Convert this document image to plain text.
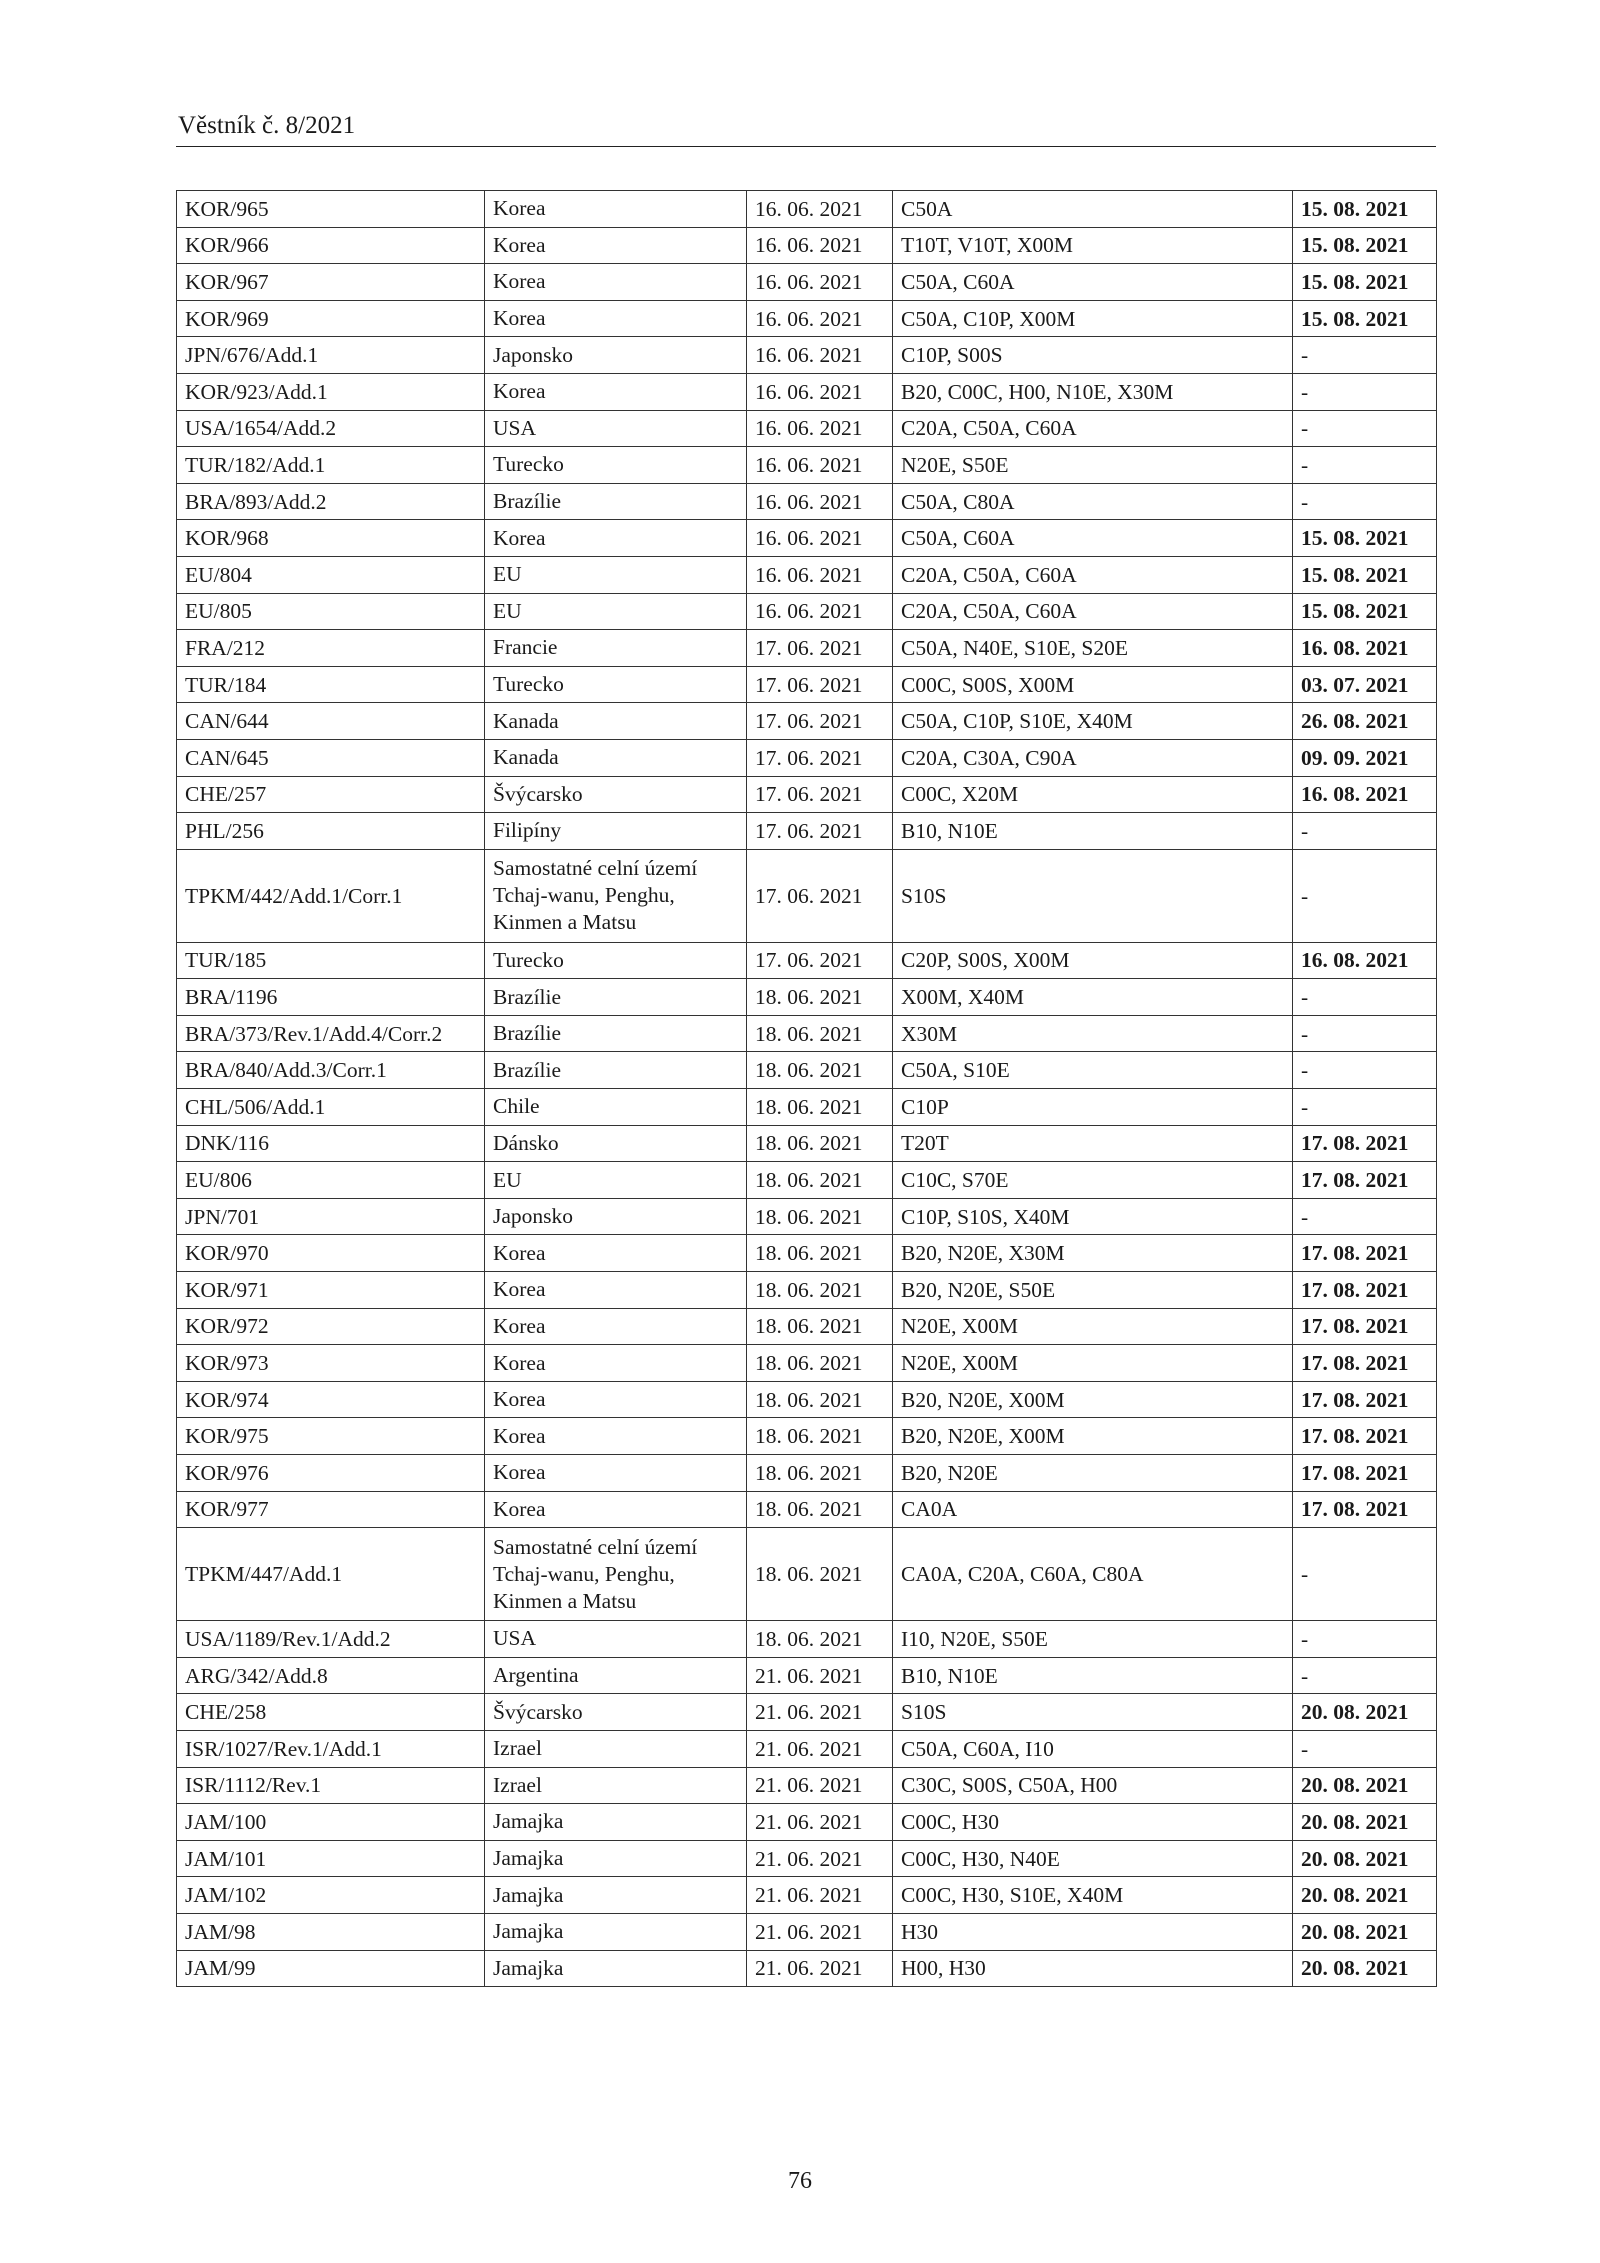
Věstník č. 8/2021
KOR/965	Korea	16. 06. 2021	C50A	15. 08. 2021
KOR/966	Korea	16. 06. 2021	T10T, V10T, X00M	15. 08. 2021
KOR/967	Korea	16. 06. 2021	C50A, C60A	15. 08. 2021
KOR/969	Korea	16. 06. 2021	C50A, C10P, X00M	15. 08. 2021
JPN/676/Add.1	Japonsko	16. 06. 2021	C10P, S00S	-
KOR/923/Add.1	Korea	16. 06. 2021	B20, C00C, H00, N10E, X30M	-
USA/1654/Add.2	USA	16. 06. 2021	C20A, C50A, C60A	-
TUR/182/Add.1	Turecko	16. 06. 2021	N20E, S50E	-
BRA/893/Add.2	Brazílie	16. 06. 2021	C50A, C80A	-
KOR/968	Korea	16. 06. 2021	C50A, C60A	15. 08. 2021
EU/804	EU	16. 06. 2021	C20A, C50A, C60A	15. 08. 2021
EU/805	EU	16. 06. 2021	C20A, C50A, C60A	15. 08. 2021
FRA/212	Francie	17. 06. 2021	C50A, N40E, S10E, S20E	16. 08. 2021
TUR/184	Turecko	17. 06. 2021	C00C, S00S, X00M	03. 07. 2021
CAN/644	Kanada	17. 06. 2021	C50A, C10P, S10E, X40M	26. 08. 2021
CAN/645	Kanada	17. 06. 2021	C20A, C30A, C90A	09. 09. 2021
CHE/257	Švýcarsko	17. 06. 2021	C00C, X20M	16. 08. 2021
PHL/256	Filipíny	17. 06. 2021	B10, N10E	-
TPKM/442/Add.1/Corr.1	Samostatné celní území
Tchaj-wanu, Penghu,
Kinmen a Matsu	17. 06. 2021	S10S	-
TUR/185	Turecko	17. 06. 2021	C20P, S00S, X00M	16. 08. 2021
BRA/1196	Brazílie	18. 06. 2021	X00M, X40M	-
BRA/373/Rev.1/Add.4/Corr.2	Brazílie	18. 06. 2021	X30M	-
BRA/840/Add.3/Corr.1	Brazílie	18. 06. 2021	C50A, S10E	-
CHL/506/Add.1	Chile	18. 06. 2021	C10P	-
DNK/116	Dánsko	18. 06. 2021	T20T	17. 08. 2021
EU/806	EU	18. 06. 2021	C10C, S70E	17. 08. 2021
JPN/701	Japonsko	18. 06. 2021	C10P, S10S, X40M	-
KOR/970	Korea	18. 06. 2021	B20, N20E, X30M	17. 08. 2021
KOR/971	Korea	18. 06. 2021	B20, N20E, S50E	17. 08. 2021
KOR/972	Korea	18. 06. 2021	N20E, X00M	17. 08. 2021
KOR/973	Korea	18. 06. 2021	N20E, X00M	17. 08. 2021
KOR/974	Korea	18. 06. 2021	B20, N20E, X00M	17. 08. 2021
KOR/975	Korea	18. 06. 2021	B20, N20E, X00M	17. 08. 2021
KOR/976	Korea	18. 06. 2021	B20, N20E	17. 08. 2021
KOR/977	Korea	18. 06. 2021	CA0A	17. 08. 2021
TPKM/447/Add.1	Samostatné celní území
Tchaj-wanu, Penghu,
Kinmen a Matsu	18. 06. 2021	CA0A, C20A, C60A, C80A	-
USA/1189/Rev.1/Add.2	USA	18. 06. 2021	I10, N20E, S50E	-
ARG/342/Add.8	Argentina	21. 06. 2021	B10, N10E	-
CHE/258	Švýcarsko	21. 06. 2021	S10S	20. 08. 2021
ISR/1027/Rev.1/Add.1	Izrael	21. 06. 2021	C50A, C60A, I10	-
ISR/1112/Rev.1	Izrael	21. 06. 2021	C30C, S00S, C50A, H00	20. 08. 2021
JAM/100	Jamajka	21. 06. 2021	C00C, H30	20. 08. 2021
JAM/101	Jamajka	21. 06. 2021	C00C, H30, N40E	20. 08. 2021
JAM/102	Jamajka	21. 06. 2021	C00C, H30, S10E, X40M	20. 08. 2021
JAM/98	Jamajka	21. 06. 2021	H30	20. 08. 2021
JAM/99	Jamajka	21. 06. 2021	H00, H30	20. 08. 2021
76
